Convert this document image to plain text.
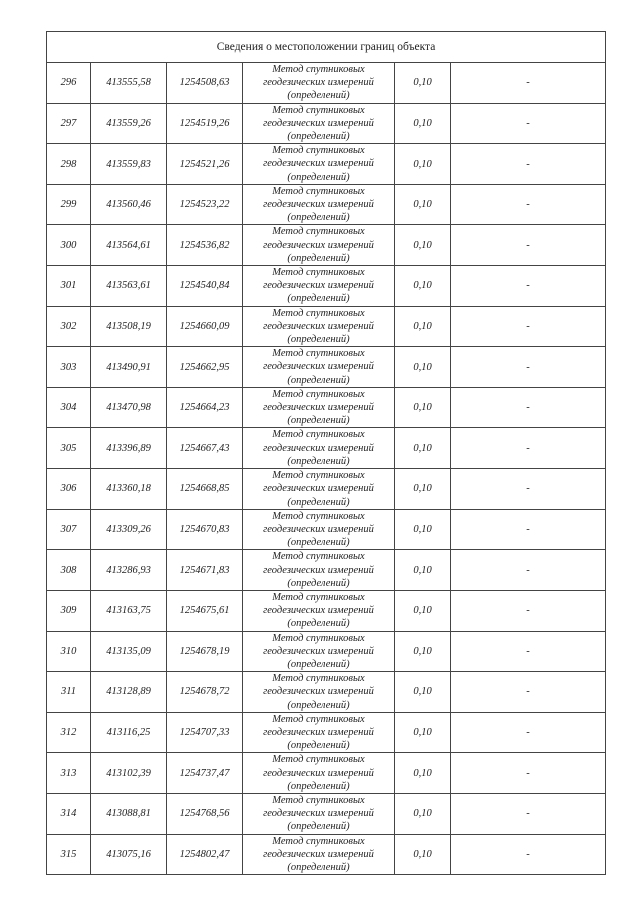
Сведения о местоположении границ объекта					
296	413555,58	1254508,63	Метод спутниковых
геодезических измерений
(определений)	0,10	-
297	413559,26	1254519,26	Метод спутниковых
геодезических измерений
(определений)	0,10	-
298	413559,83	1254521,26	Метод спутниковых
геодезических измерений
(определений)	0,10	-
299	413560,46	1254523,22	Метод спутниковых
геодезических измерений
(определений)	0,10	-
300	413564,61	1254536,82	Метод спутниковых
геодезических измерений
(определений)	0,10	-
301	413563,61	1254540,84	Метод спутниковых
геодезических измерений
(определений)	0,10	-
302	413508,19	1254660,09	Метод спутниковых
геодезических измерений
(определений)	0,10	-
303	413490,91	1254662,95	Метод спутниковых
геодезических измерений
(определений)	0,10	-
304	413470,98	1254664,23	Метод спутниковых
геодезических измерений
(определений)	0,10	-
305	413396,89	1254667,43	Метод спутниковых
геодезических измерений
(определений)	0,10	-
306	413360,18	1254668,85	Метод спутниковых
геодезических измерений
(определений)	0,10	-
307	413309,26	1254670,83	Метод спутниковых
геодезических измерений
(определений)	0,10	-
308	413286,93	1254671,83	Метод спутниковых
геодезических измерений
(определений)	0,10	-
309	413163,75	1254675,61	Метод спутниковых
геодезических измерений
(определений)	0,10	-
310	413135,09	1254678,19	Метод спутниковых
геодезических измерений
(определений)	0,10	-
311	413128,89	1254678,72	Метод спутниковых
геодезических измерений
(определений)	0,10	-
312	413116,25	1254707,33	Метод спутниковых
геодезических измерений
(определений)	0,10	-
313	413102,39	1254737,47	Метод спутниковых
геодезических измерений
(определений)	0,10	-
314	413088,81	1254768,56	Метод спутниковых
геодезических измерений
(определений)	0,10	-
315	413075,16	1254802,47	Метод спутниковых
геодезических измерений
(определений)	0,10	-
